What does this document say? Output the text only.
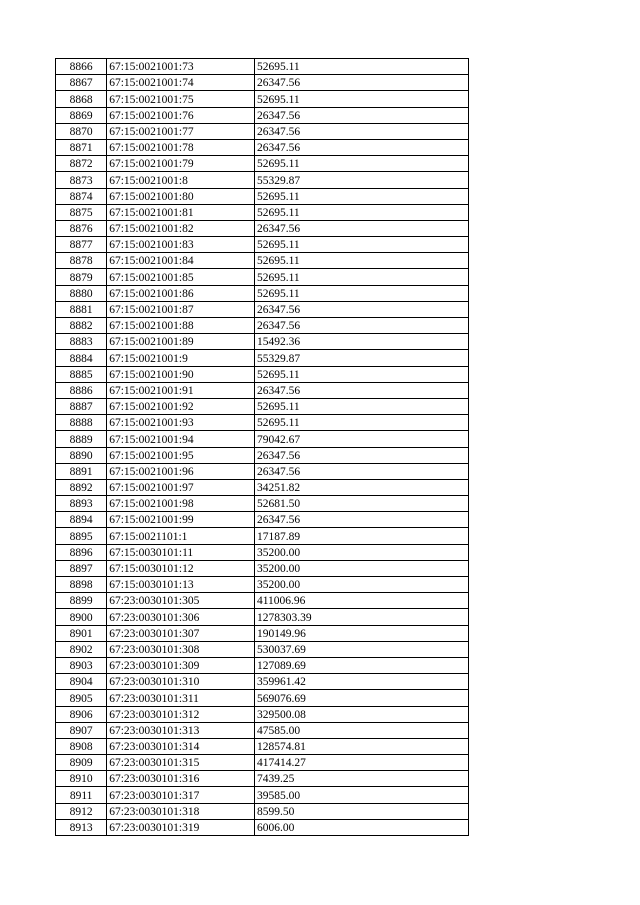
8866	67:15:0021001:73	52695.11
8867	67:15:0021001:74	26347.56
8868	67:15:0021001:75	52695.11
8869	67:15:0021001:76	26347.56
8870	67:15:0021001:77	26347.56
8871	67:15:0021001:78	26347.56
8872	67:15:0021001:79	52695.11
8873	67:15:0021001:8	55329.87
8874	67:15:0021001:80	52695.11
8875	67:15:0021001:81	52695.11
8876	67:15:0021001:82	26347.56
8877	67:15:0021001:83	52695.11
8878	67:15:0021001:84	52695.11
8879	67:15:0021001:85	52695.11
8880	67:15:0021001:86	52695.11
8881	67:15:0021001:87	26347.56
8882	67:15:0021001:88	26347.56
8883	67:15:0021001:89	15492.36
8884	67:15:0021001:9	55329.87
8885	67:15:0021001:90	52695.11
8886	67:15:0021001:91	26347.56
8887	67:15:0021001:92	52695.11
8888	67:15:0021001:93	52695.11
8889	67:15:0021001:94	79042.67
8890	67:15:0021001:95	26347.56
8891	67:15:0021001:96	26347.56
8892	67:15:0021001:97	34251.82
8893	67:15:0021001:98	52681.50
8894	67:15:0021001:99	26347.56
8895	67:15:0021101:1	17187.89
8896	67:15:0030101:11	35200.00
8897	67:15:0030101:12	35200.00
8898	67:15:0030101:13	35200.00
8899	67:23:0030101:305	411006.96
8900	67:23:0030101:306	1278303.39
8901	67:23:0030101:307	190149.96
8902	67:23:0030101:308	530037.69
8903	67:23:0030101:309	127089.69
8904	67:23:0030101:310	359961.42
8905	67:23:0030101:311	569076.69
8906	67:23:0030101:312	329500.08
8907	67:23:0030101:313	47585.00
8908	67:23:0030101:314	128574.81
8909	67:23:0030101:315	417414.27
8910	67:23:0030101:316	7439.25
8911	67:23:0030101:317	39585.00
8912	67:23:0030101:318	8599.50
8913	67:23:0030101:319	6006.00
